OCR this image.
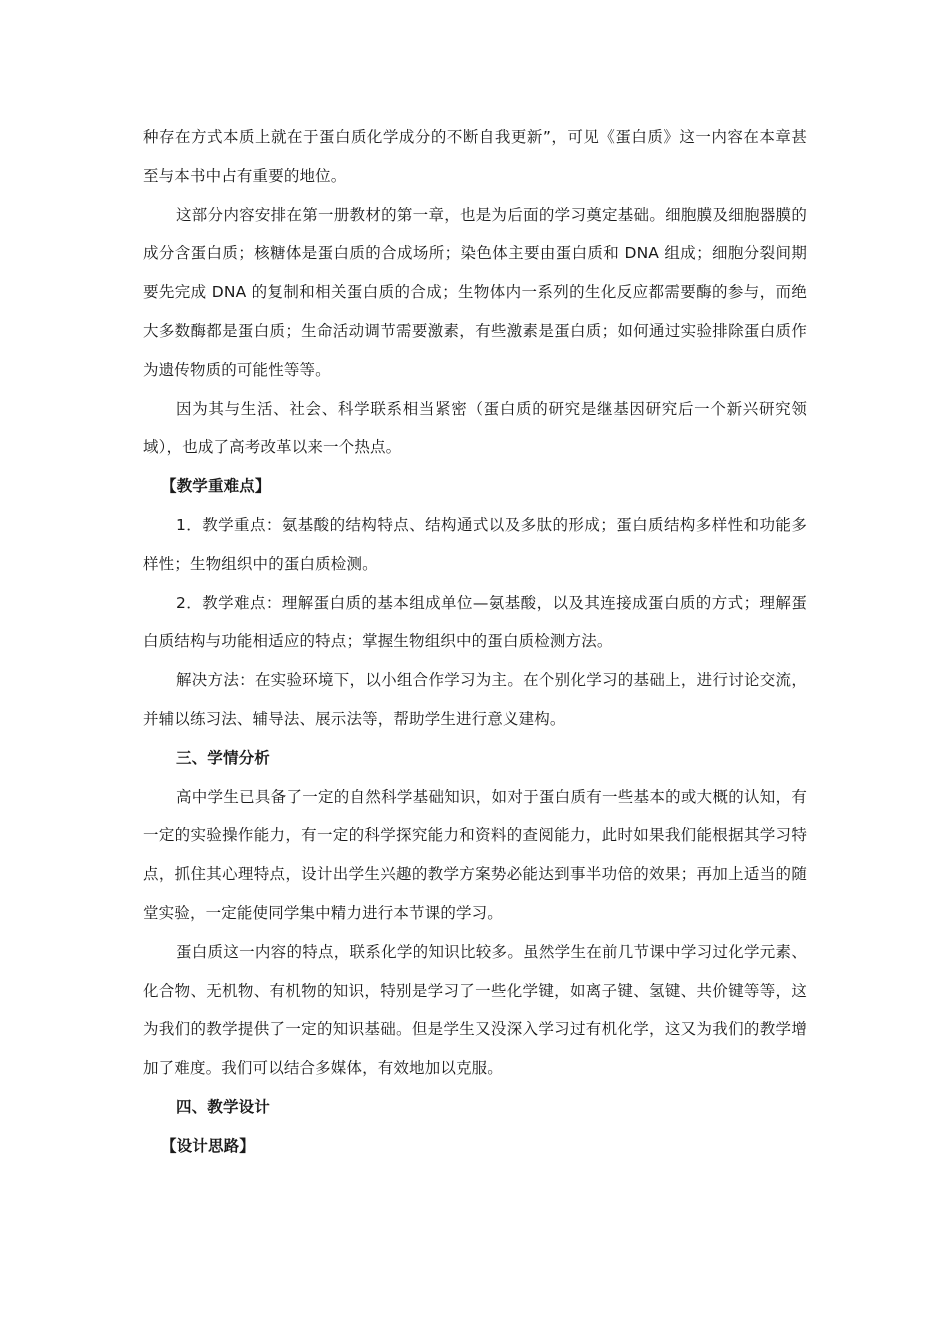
种存在方式本质上就在于蛋白质化学成分的不断自我更新”，可见《蛋白质》这一内容在本章甚至与本书中占有重要的地位。

这部分内容安排在第一册教材的第一章，也是为后面的学习奠定基础。细胞膜及细胞器膜的成分含蛋白质；核糖体是蛋白质的合成场所；染色体主要由蛋白质和 DNA 组成；细胞分裂间期要先完成 DNA 的复制和相关蛋白质的合成；生物体内一系列的生化反应都需要酶的参与，而绝大多数酶都是蛋白质；生命活动调节需要激素，有些激素是蛋白质；如何通过实验排除蛋白质作为遗传物质的可能性等等。

因为其与生活、社会、科学联系相当紧密（蛋白质的研究是继基因研究后一个新兴研究领域），也成了高考改革以来一个热点。

【教学重难点】

1．教学重点：氨基酸的结构特点、结构通式以及多肽的形成；蛋白质结构多样性和功能多样性；生物组织中的蛋白质检测。

2．教学难点：理解蛋白质的基本组成单位—氨基酸，以及其连接成蛋白质的方式；理解蛋白质结构与功能相适应的特点；掌握生物组织中的蛋白质检测方法。

解决方法：在实验环境下，以小组合作学习为主。在个别化学习的基础上，进行讨论交流，并辅以练习法、辅导法、展示法等，帮助学生进行意义建构。

三、学情分析

高中学生已具备了一定的自然科学基础知识，如对于蛋白质有一些基本的或大概的认知，有一定的实验操作能力，有一定的科学探究能力和资料的查阅能力，此时如果我们能根据其学习特点，抓住其心理特点，设计出学生兴趣的教学方案势必能达到事半功倍的效果；再加上适当的随堂实验，一定能使同学集中精力进行本节课的学习。

蛋白质这一内容的特点，联系化学的知识比较多。虽然学生在前几节课中学习过化学元素、化合物、无机物、有机物的知识，特别是学习了一些化学键，如离子键、氢键、共价键等等，这为我们的教学提供了一定的知识基础。但是学生又没深入学习过有机化学，这又为我们的教学增加了难度。我们可以结合多媒体，有效地加以克服。

四、教学设计

【设计思路】
